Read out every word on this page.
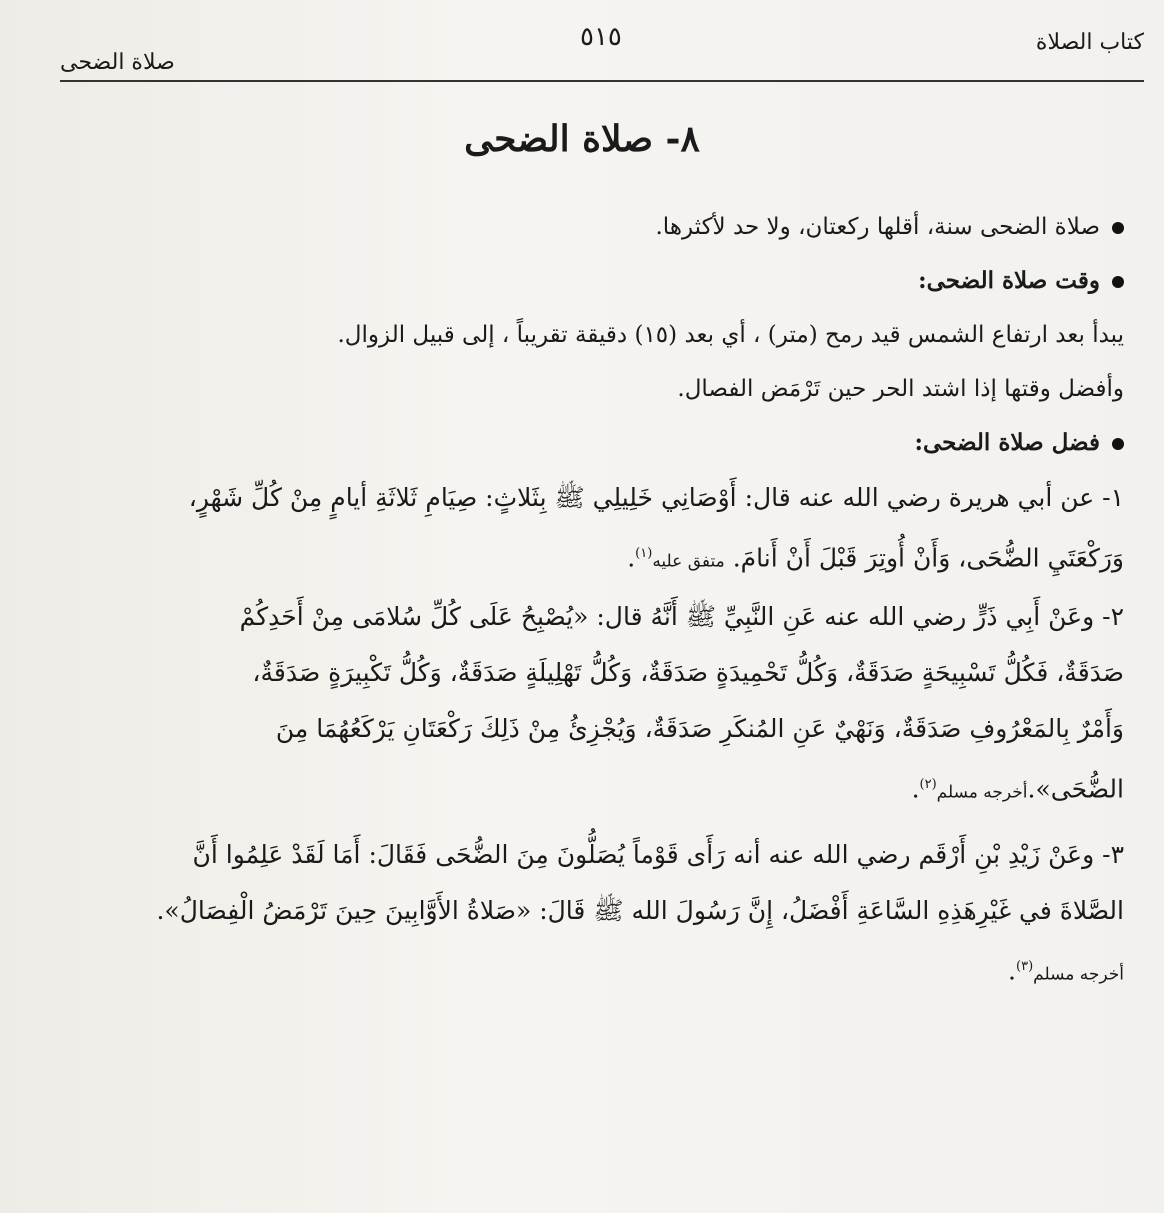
كتاب الصلاة
٥١٥
صلاة الضحى
٨- صلاة الضحى
صلاة الضحى سنة، أقلها ركعتان، ولا حد لأكثرها.
وقت صلاة الضحى:
يبدأ بعد ارتفاع الشمس قيد رمح (متر) ، أي بعد (١٥) دقيقة تقريباً ، إلى قبيل الزوال.
وأفضل وقتها إذا اشتد الحر حين تَرْمَض الفصال.
فضل صلاة الضحى:
١- عن أبي هريرة رضي الله عنه قال: أَوْصَانِي خَلِيلِي ﷺ بِثَلاثٍ: صِيَامِ ثَلاثَةِ أيامٍ مِنْ كُلِّ شَهْرٍ،
وَرَكْعَتَيِ الضُّحَى، وَأَنْ أُوتِرَ قَبْلَ أَنْ أَنامَ. متفق عليه$^{(١)}$.
٢- وعَنْ أَبِي ذَرٍّ رضي الله عنه عَنِ النَّبِيِّ ﷺ أَنَّهُ قال: «يُصْبِحُ عَلَى كُلِّ سُلامَى مِنْ أَحَدِكُمْ
صَدَقَةٌ، فَكُلُّ تَسْبِيحَةٍ صَدَقَةٌ، وَكُلُّ تَحْمِيدَةٍ صَدَقَةٌ، وَكُلُّ تَهْلِيلَةٍ صَدَقَةٌ، وَكُلُّ تَكْبِيرَةٍ صَدَقَةٌ،
وَأَمْرٌ بِالمَعْرُوفِ صَدَقَةٌ، وَنَهْيٌ عَنِ المُنكَرِ صَدَقَةٌ، وَيُجْزِئُ مِنْ ذَلِكَ رَكْعَتَانِ يَرْكَعُهُمَا مِنَ
الضُّحَى».أخرجه مسلم$^{(٢)}$.
٣- وعَنْ زَيْدِ بْنِ أَرْقَم رضي الله عنه أنه رَأَى قَوْماً يُصَلُّونَ مِنَ الضُّحَى فَقَالَ: أَمَا لَقَدْ عَلِمُوا أَنَّ
الصَّلاةَ في غَيْرِهَذِهِ السَّاعَةِ أَفْضَلُ، إِنَّ رَسُولَ الله ﷺ قَالَ: «صَلاةُ الأَوَّابِينَ حِينَ تَرْمَضُ الْفِصَالُ».
أخرجه مسلم$^{(٣)}$.
